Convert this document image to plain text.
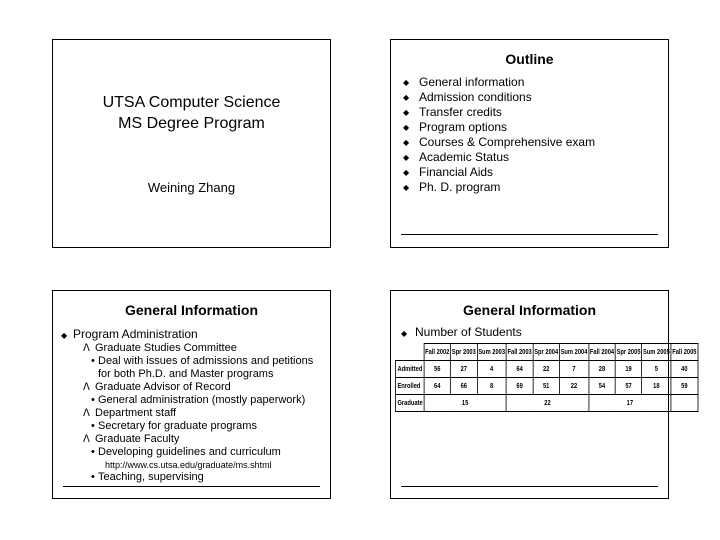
UTSA Computer Science
MS Degree Program
Weining Zhang
Outline
◆ General information
◆ Admission conditions
◆ Transfer credits
◆ Program options
◆ Courses & Comprehensive exam
◆ Academic Status
◆ Financial Aids
◆ Ph. D. program
General Information
◆ Program Administration
ᐱ Graduate Studies Committee
• Deal with issues of admissions and petitions
for both Ph.D. and Master programs
ᐱ Graduate Advisor of Record
• General administration (mostly paperwork)
ᐱ Department staff
• Secretary for graduate programs
ᐱ Graduate Faculty
• Developing guidelines and curriculum
http://www.cs.utsa.edu/graduate/ms.shtml
• Teaching, supervising
General Information
◆ Number of Students
	Fall 2002	Spr 2003	Sum 2003	Fall 2003	Spr 2004	Sum 2004	Fall 2004	Spr 2005	Sum 2005	Fall 2005
Admitted	56	27	4	64	22	7	28	19	5	40
Enrolled	64	66	8	69	51	22	54	57	18	59
Graduate	15			22			17			
